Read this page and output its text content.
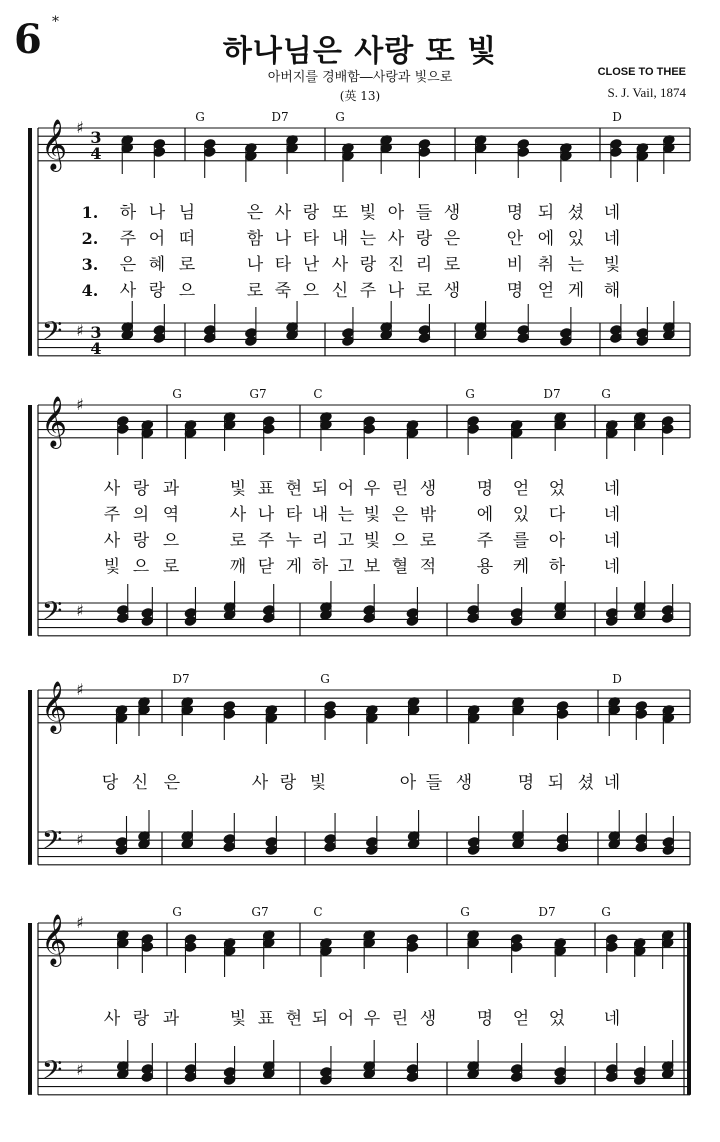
6 *
하나님은 사랑 또 빛
아버지를 경배함―사랑과 빛으로
(英 13)
CLOSE TO THEE
S. J. Vail, 1874
𝄞
𝄢
♯
♯
3
4
3
4
G	D7	G	D
1. 하 나 님	은 사 랑 또 빛 아 들 생	명 되 셨 네
2. 주 어 떠	함 나 타 내 는 사 랑 은	안 에 있 네
3. 은 혜 로	나 타 난 사 랑 진 리 로	비 취 는 빛
4. 사 랑 으	로 죽 으 신 주 나 로 생	명 얻 게 해
𝄞
𝄢
♯
♯
G	G7	C	G	D7	G
사 랑 과	빛 표 현 되 어 우 린 생 명 얻 었 네
주 의 역	사 나 타 내 는 빛 은 밖 에 있 다 네
사 랑 으	로 주 누 리 고 빛 으 로 주 를 아 네
빛 으 로	깨 닫 게 하 고 보 혈 적 용 케 하 네
𝄞
𝄢
♯
♯
D7	G	D
당 신 은	사 랑 빛	아 들 생	명 되 셨 네
𝄞
𝄢
♯
♯
G	G7	C	G	D7	G
사 랑 과	빛 표 현 되 어 우 린 생 명 얻 었 네
